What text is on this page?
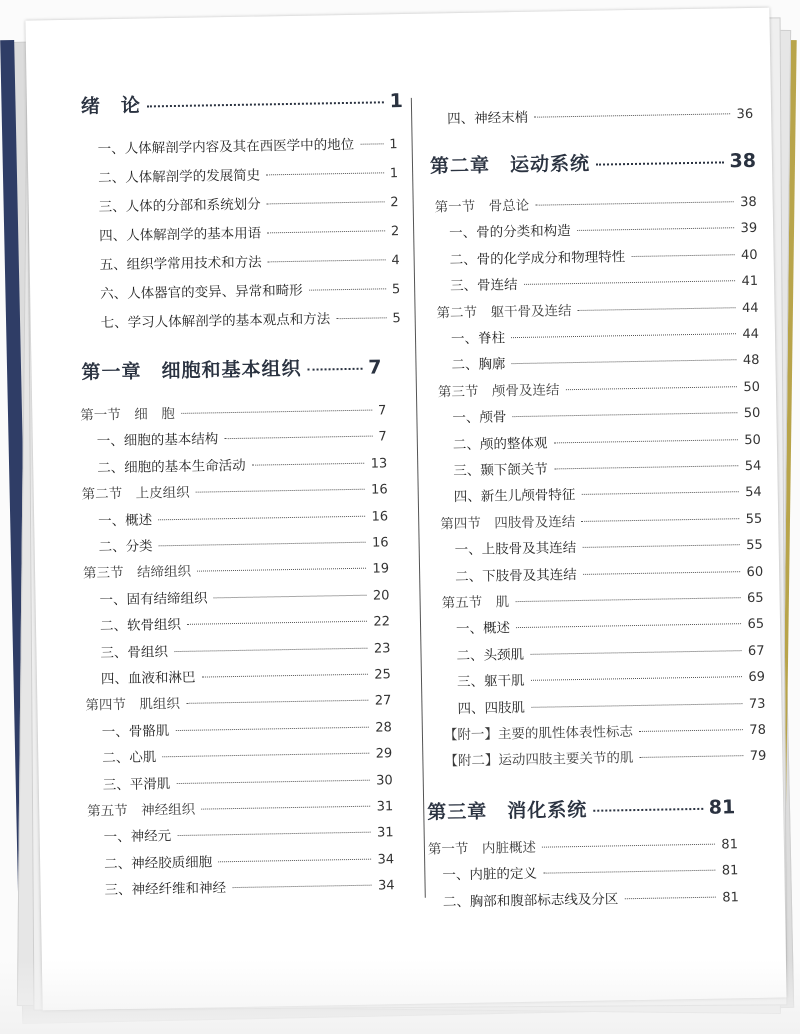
绪　论	1
一、人体解剖学内容及其在西医学中的地位	1
二、人体解剖学的发展简史	1
三、人体的分部和系统划分	2
四、人体解剖学的基本用语	2
五、组织学常用技术和方法	4
六、人体器官的变异、异常和畸形	5
七、学习人体解剖学的基本观点和方法	5
第一章　细胞和基本组织	7
第一节　细　胞	7
一、细胞的基本结构	7
二、细胞的基本生命活动	13
第二节　上皮组织	16
一、概述	16
二、分类	16
第三节　结缔组织	19
一、固有结缔组织	20
二、软骨组织	22
三、骨组织	23
四、血液和淋巴	25
第四节　肌组织	27
一、骨骼肌	28
二、心肌	29
三、平滑肌	30
第五节　神经组织	31
一、神经元	31
二、神经胶质细胞	34
三、神经纤维和神经	34
四、神经末梢	36
第二章　运动系统	38
第一节　骨总论	38
一、骨的分类和构造	39
二、骨的化学成分和物理特性	40
三、骨连结	41
第二节　躯干骨及连结	44
一、脊柱	44
二、胸廓	48
第三节　颅骨及连结	50
一、颅骨	50
二、颅的整体观	50
三、颞下颌关节	54
四、新生儿颅骨特征	54
第四节　四肢骨及连结	55
一、上肢骨及其连结	55
二、下肢骨及其连结	60
第五节　肌	65
一、概述	65
二、头颈肌	67
三、躯干肌	69
四、四肢肌	73
【附一】主要的肌性体表性标志	78
【附二】运动四肢主要关节的肌	79
第三章　消化系统	81
第一节　内脏概述	81
一、内脏的定义	81
二、胸部和腹部标志线及分区	81
